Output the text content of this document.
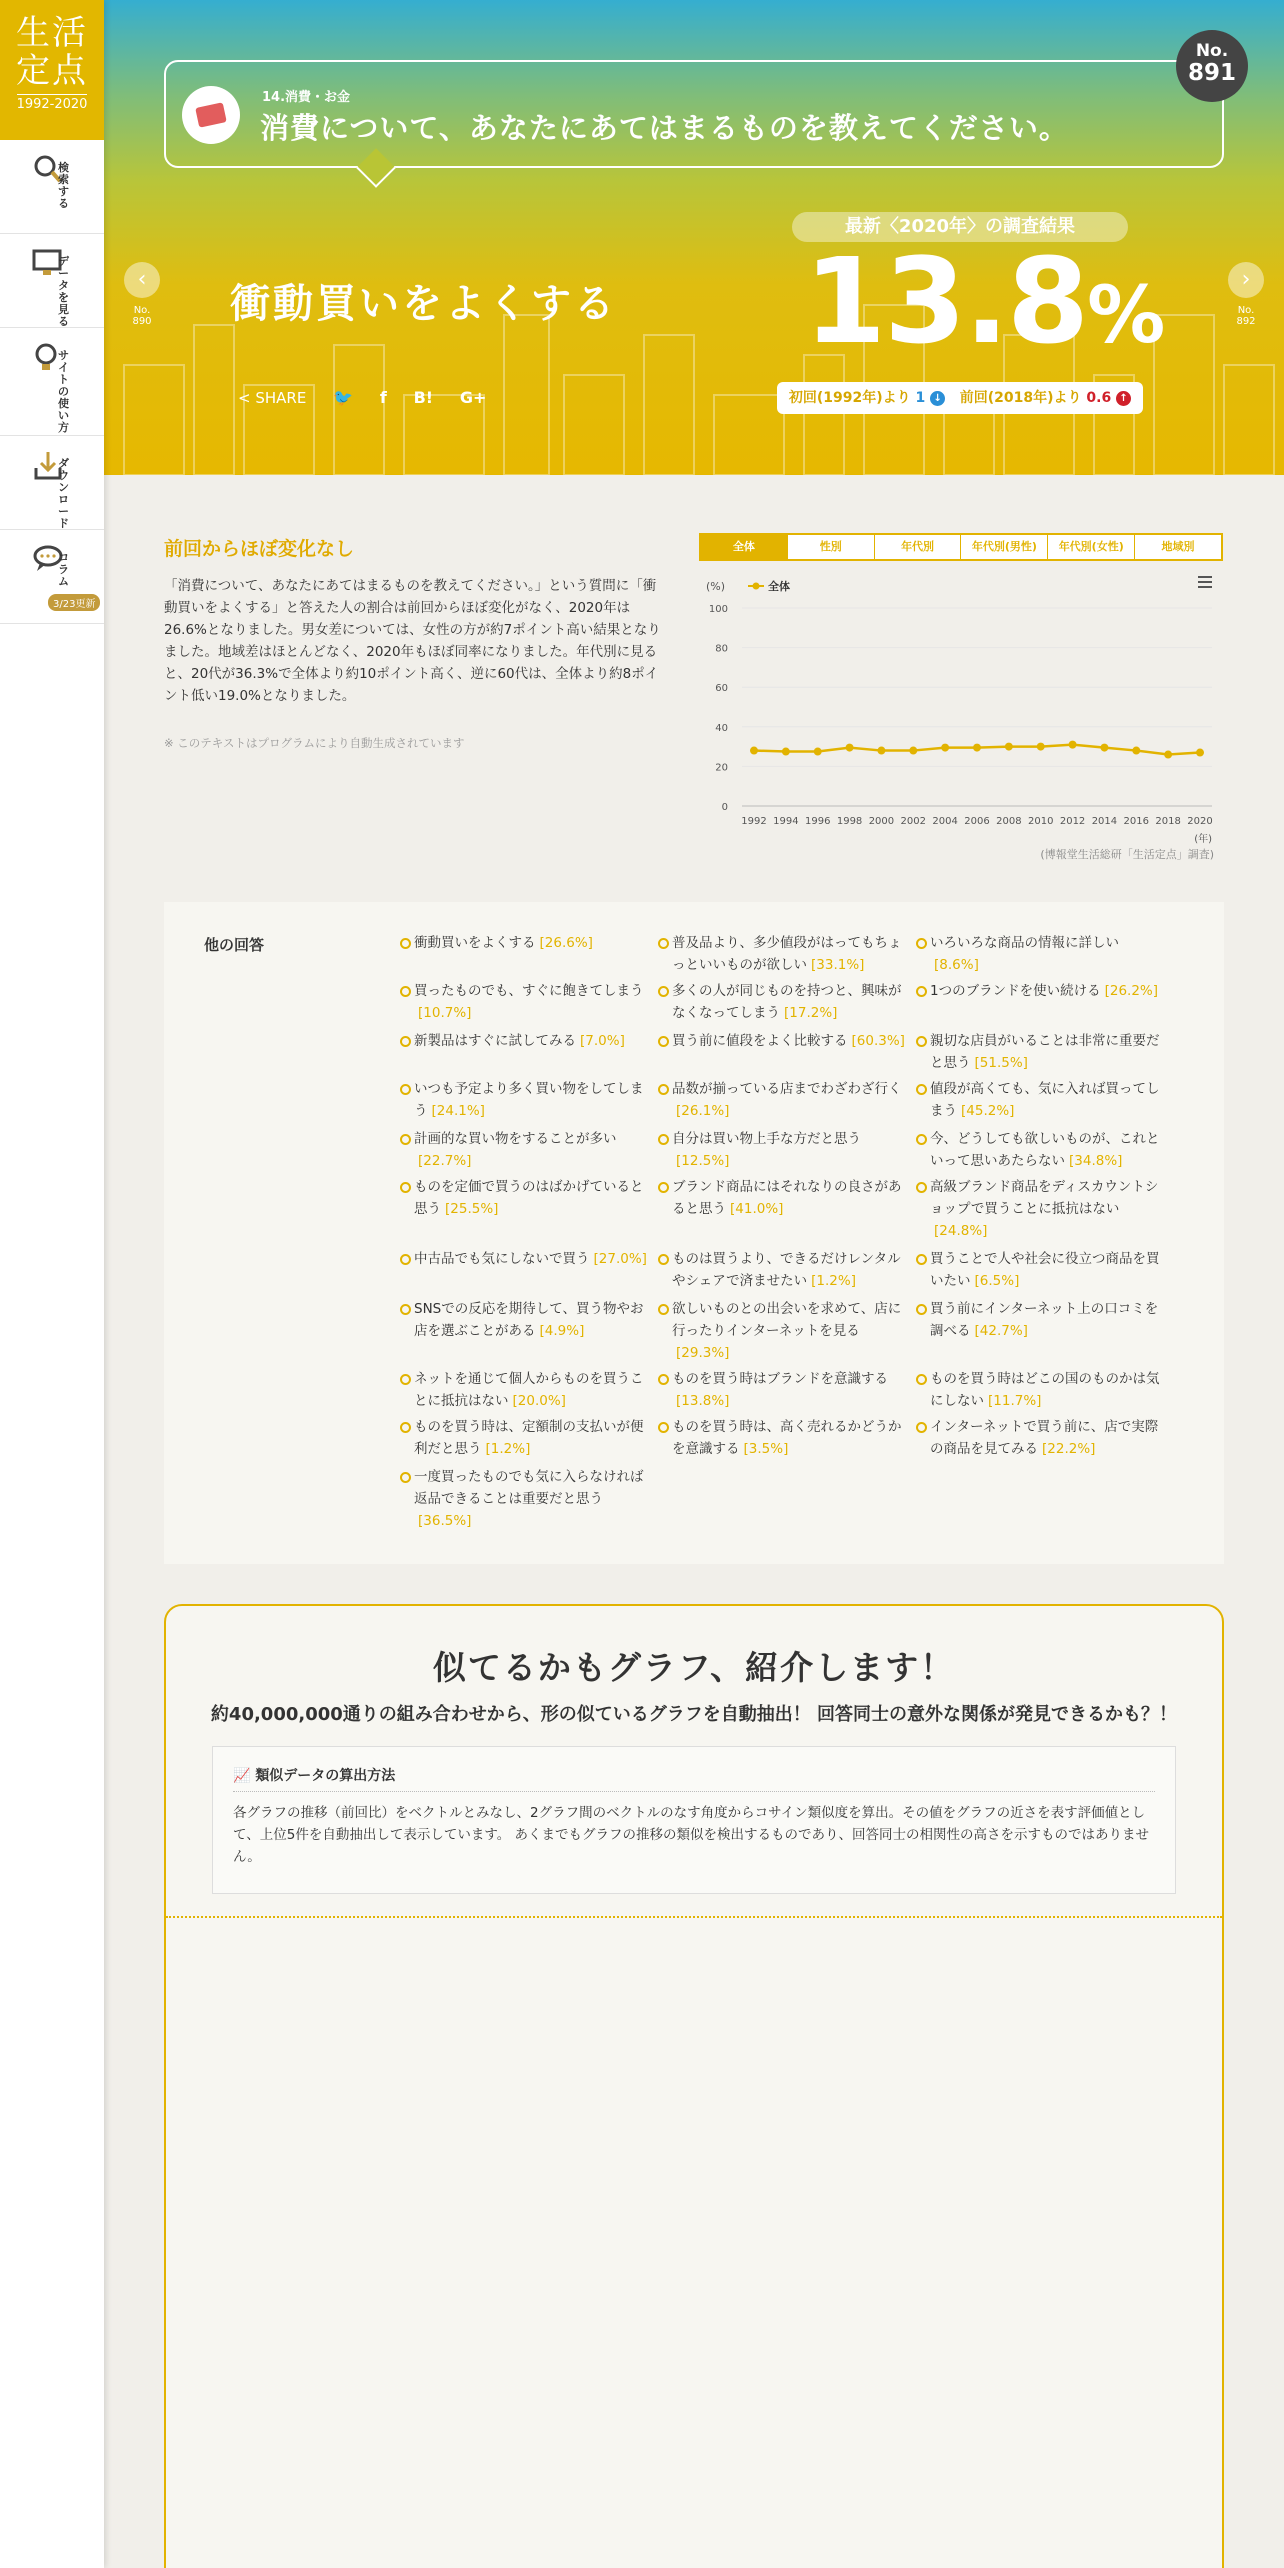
生活定点
1992-2020
検索する
データを見る
サイトの使い方
ダウンロード
コラム
3/23更新
14.消費・お金
消費について、あなたにあてはまるものを教えてください。
No.
891
‹
No.
890
›
No.
892
衝動買いをよくする
< SHARE 🐦 f B! G+
最新〈2020年〉の調査結果
13.8%
初回(1992年)より 1 ↓ 前回(2018年)より 0.6 ↑
前回からほぼ変化なし

「消費について、あなたにあてはまるものを教えてください。」という質問に「衝動買いをよくする」と答えた人の割合は前回からほぼ変化がなく、2020年は26.6%となりました。男女差については、女性の方が約7ポイント高い結果となりました。地域差はほとんどなく、2020年もほぼ同率になりました。年代別に見ると、20代が36.3%で全体より約10ポイント高く、逆に60代は、全体より約8ポイント低い19.0%となりました。

※ このテキストはプログラムにより自動生成されています
全体	性別	年代別	年代別(男性)	年代別(女性)	地域別
0
20
40
60
80
100
(%)	全体
1992 1994 1996 1998 2000 2002 2004 2006 2008 2010 2012 2014 2016 2018 2020
(年)
(博報堂生活総研「生活定点」調査)
他の回答	衝動買いをよくする [26.6%]
買ったものでも、すぐに飽きてしまう[10.7%]
新製品はすぐに試してみる [7.0%]
いつも予定より多く買い物をしてしまう [24.1%]
計画的な買い物をすることが多い[22.7%]
ものを定価で買うのはばかげていると思う [25.5%]
中古品でも気にしないで買う [27.0%]
SNSでの反応を期待して、買う物やお店を選ぶことがある [4.9%]
ネットを通じて個人からものを買うことに抵抗はない [20.0%]
ものを買う時は、定額制の支払いが便利だと思う [1.2%]
一度買ったものでも気に入らなければ返品できることは重要だと思う[36.5%]
普及品より、多少値段がはってもちょっといいものが欲しい [33.1%]
多くの人が同じものを持つと、興味がなくなってしまう [17.2%]
買う前に値段をよく比較する [60.3%]
品数が揃っている店までわざわざ行く[26.1%]
自分は買い物上手な方だと思う[12.5%]
ブランド商品にはそれなりの良さがあると思う [41.0%]
ものは買うより、できるだけレンタルやシェアで済ませたい [1.2%]
欲しいものとの出会いを求めて、店に行ったりインターネットを見る[29.3%]
ものを買う時はブランドを意識する[13.8%]
ものを買う時は、高く売れるかどうかを意識する [3.5%]
いろいろな商品の情報に詳しい[8.6%]
1つのブランドを使い続ける [26.2%]
親切な店員がいることは非常に重要だと思う [51.5%]
値段が高くても、気に入れば買ってしまう [45.2%]
今、どうしても欲しいものが、これといって思いあたらない [34.8%]
高級ブランド商品をディスカウントショップで買うことに抵抗はない[24.8%]
買うことで人や社会に役立つ商品を買いたい [6.5%]
買う前にインターネット上の口コミを調べる [42.7%]
ものを買う時はどこの国のものかは気にしない [11.7%]
インターネットで買う前に、店で実際の商品を見てみる [22.2%]
似てるかもグラフ、紹介します！
約40,000,000通りの組み合わせから、形の似ているグラフを自動抽出！ 回答同士の意外な関係が発見できるかも？！
📈 類似データの算出方法

各グラフの推移（前回比）をベクトルとみなし、2グラフ間のベクトルのなす角度からコサイン類似度を算出。その値をグラフの近さを表す評価値として、上位5件を自動抽出して表示しています。 あくまでもグラフの推移の類似を検出するものであり、回答同士の相関性の高さを示すものではありません。
